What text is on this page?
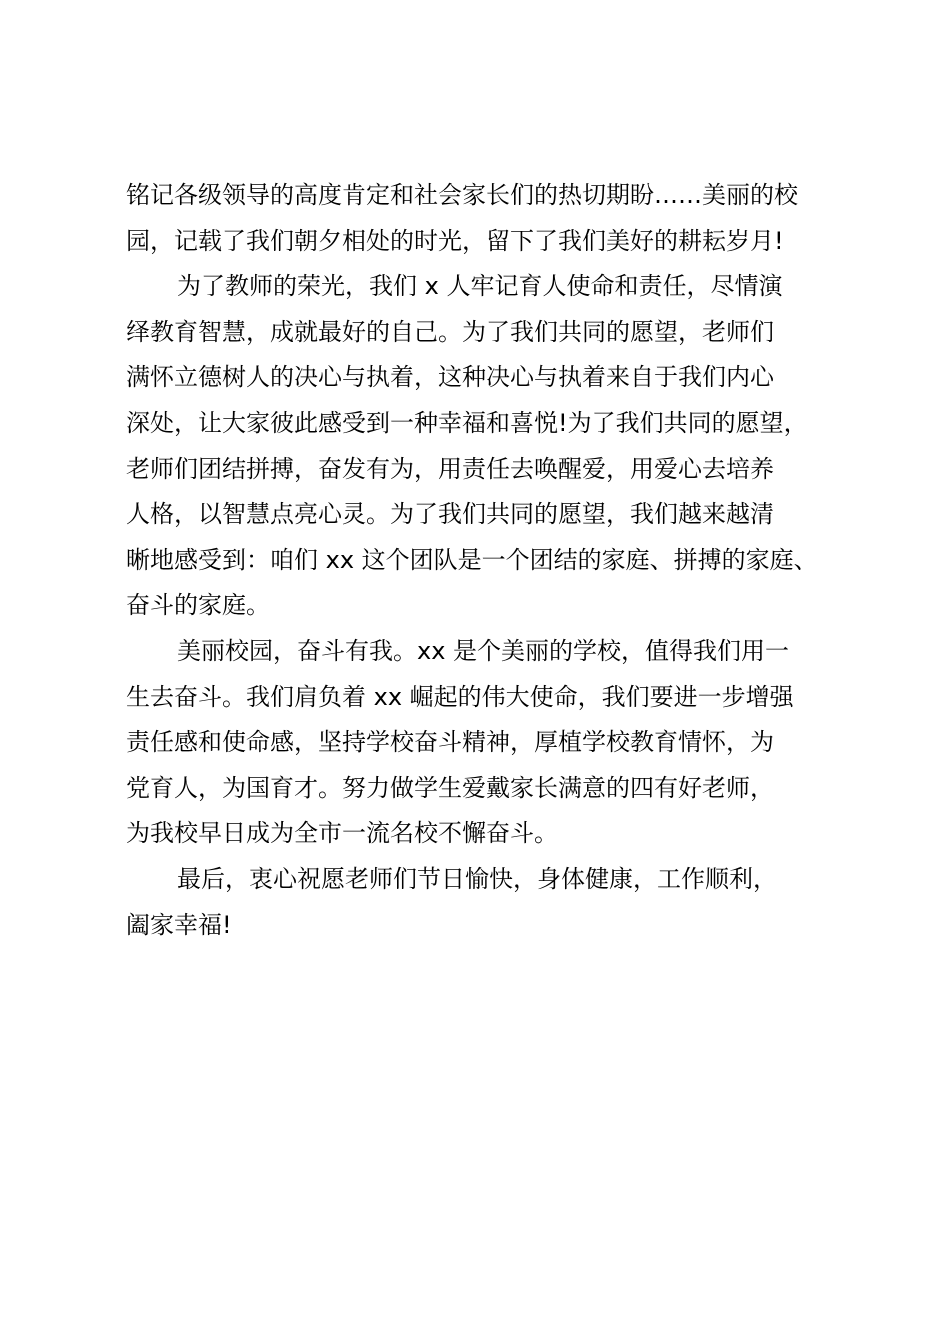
铭记各级领导的高度肯定和社会家长们的热切期盼……美丽的校
园，记载了我们朝夕相处的时光，留下了我们美好的耕耘岁月!
为了教师的荣光，我们 x 人牢记育人使命和责任，尽情演
绎教育智慧，成就最好的自己。为了我们共同的愿望，老师们
满怀立德树人的决心与执着，这种决心与执着来自于我们内心
深处，让大家彼此感受到一种幸福和喜悦!为了我们共同的愿望，
老师们团结拼搏，奋发有为，用责任去唤醒爱，用爱心去培养
人格，以智慧点亮心灵。为了我们共同的愿望，我们越来越清
晰地感受到：咱们 xx 这个团队是一个团结的家庭、拼搏的家庭、
奋斗的家庭。
美丽校园，奋斗有我。xx 是个美丽的学校，值得我们用一
生去奋斗。我们肩负着 xx 崛起的伟大使命，我们要进一步增强
责任感和使命感，坚持学校奋斗精神，厚植学校教育情怀，为
党育人，为国育才。努力做学生爱戴家长满意的四有好老师，
为我校早日成为全市一流名校不懈奋斗。
最后，衷心祝愿老师们节日愉快，身体健康，工作顺利，
阖家幸福!
